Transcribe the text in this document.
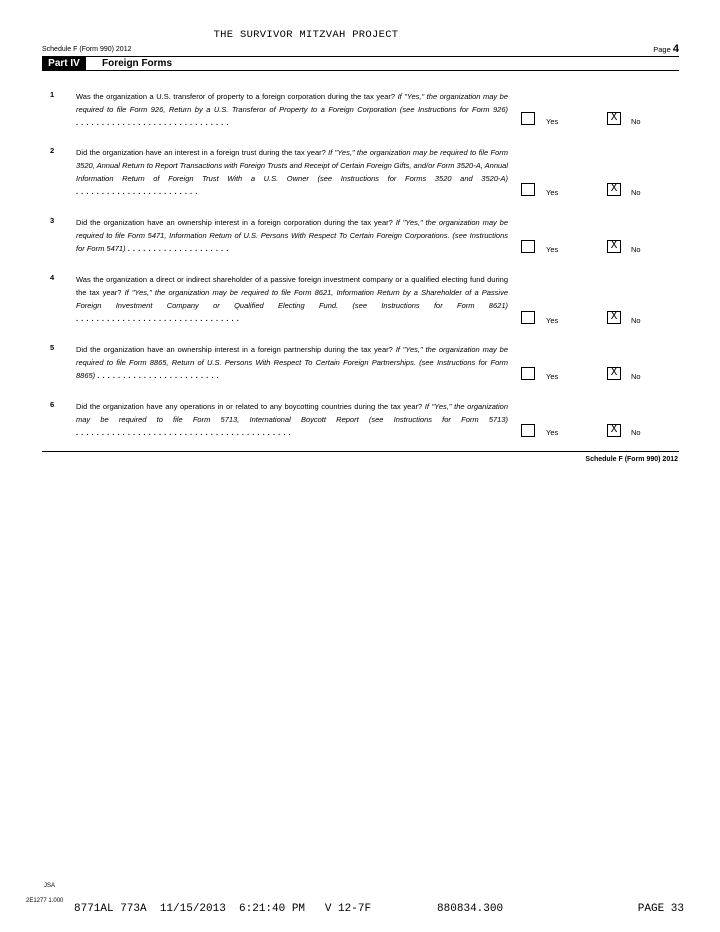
THE SURVIVOR MITZVAH PROJECT
Schedule F (Form 990) 2012	Page 4
Part IV	Foreign Forms
1	Was the organization a U.S. transferor of property to a foreign corporation during the tax year? If "Yes," the organization may be required to file Form 926, Return by a U.S. Transferor of Property to a Foreign Corporation (see Instructions for Form 926) ..............................	Yes	X	No
2	Did the organization have an interest in a foreign trust during the tax year? If "Yes," the organization may be required to file Form 3520, Annual Return to Report Transactions with Foreign Trusts and Receipt of Certain Foreign Gifts, and/or Form 3520-A, Annual Information Return of Foreign Trust With a U.S. Owner (see Instructions for Forms 3520 and 3520-A) ........................	Yes	X	No
3	Did the organization have an ownership interest in a foreign corporation during the tax year? If "Yes," the organization may be required to file Form 5471, Information Return of U.S. Persons With Respect To Certain Foreign Corporations. (see Instructions for Form 5471) ....................	Yes	X	No
4	Was the organization a direct or indirect shareholder of a passive foreign investment company or a qualified electing fund during the tax year? If "Yes," the organization may be required to file Form 8621, Information Return by a Shareholder of a Passive Foreign Investment Company or Qualified Electing Fund. (see Instructions for Form 8621) ................................	Yes	X	No
5	Did the organization have an ownership interest in a foreign partnership during the tax year? If "Yes," the organization may be required to file Form 8865, Return of U.S. Persons With Respect To Certain Foreign Partnerships. (see Instructions for Form 8865) ........................	Yes	X	No
6	Did the organization have any operations in or related to any boycotting countries during the tax year? If "Yes," the organization may be required to file Form 5713, International Boycott Report (see Instructions for Form 5713) ..........................................	Yes	X	No
Schedule F (Form 990) 2012
JSA
2E1277 1.000
8771AL 773A  11/15/2013  6:21:40 PM   V 12-7F          880834.300	PAGE 33
